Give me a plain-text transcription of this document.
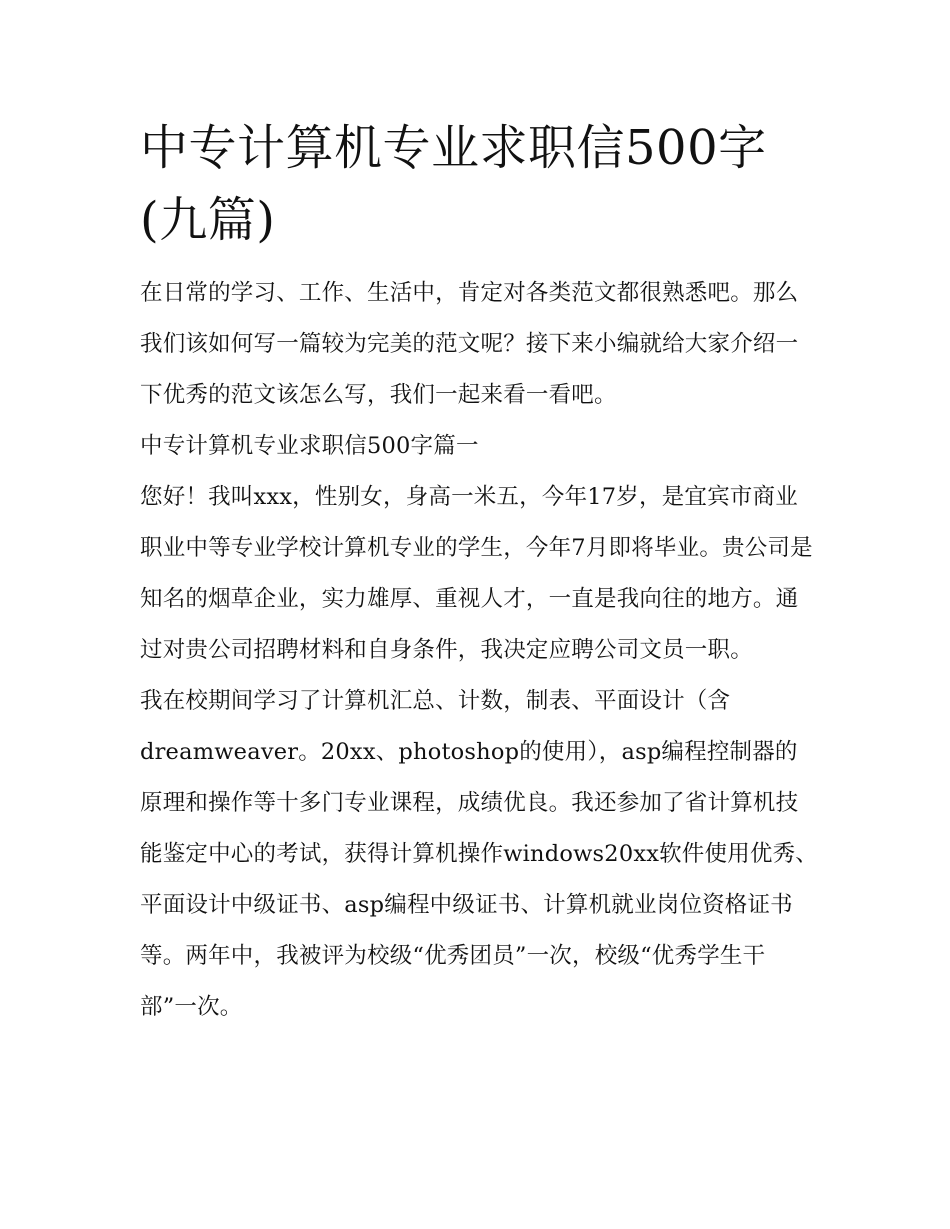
中专计算机专业求职信500字(九篇)

在日常的学习、工作、生活中，肯定对各类范文都很熟悉吧。那么我们该如何写一篇较为完美的范文呢？接下来小编就给大家介绍一下优秀的范文该怎么写，我们一起来看一看吧。

中专计算机专业求职信500字篇一

您好！我叫xxx，性别女，身高一米五，今年17岁，是宜宾市商业职业中等专业学校计算机专业的学生，今年7月即将毕业。贵公司是知名的烟草企业，实力雄厚、重视人才，一直是我向往的地方。通过对贵公司招聘材料和自身条件，我决定应聘公司文员一职。

我在校期间学习了计算机汇总、计数，制表、平面设计（含dreamweaver。20xx、photoshop的使用），asp编程控制器的原理和操作等十多门专业课程，成绩优良。我还参加了省计算机技能鉴定中心的考试，获得计算机操作windows20xx软件使用优秀、平面设计中级证书、asp编程中级证书、计算机就业岗位资格证书等。两年中，我被评为校级“优秀团员”一次，校级“优秀学生干部”一次。
